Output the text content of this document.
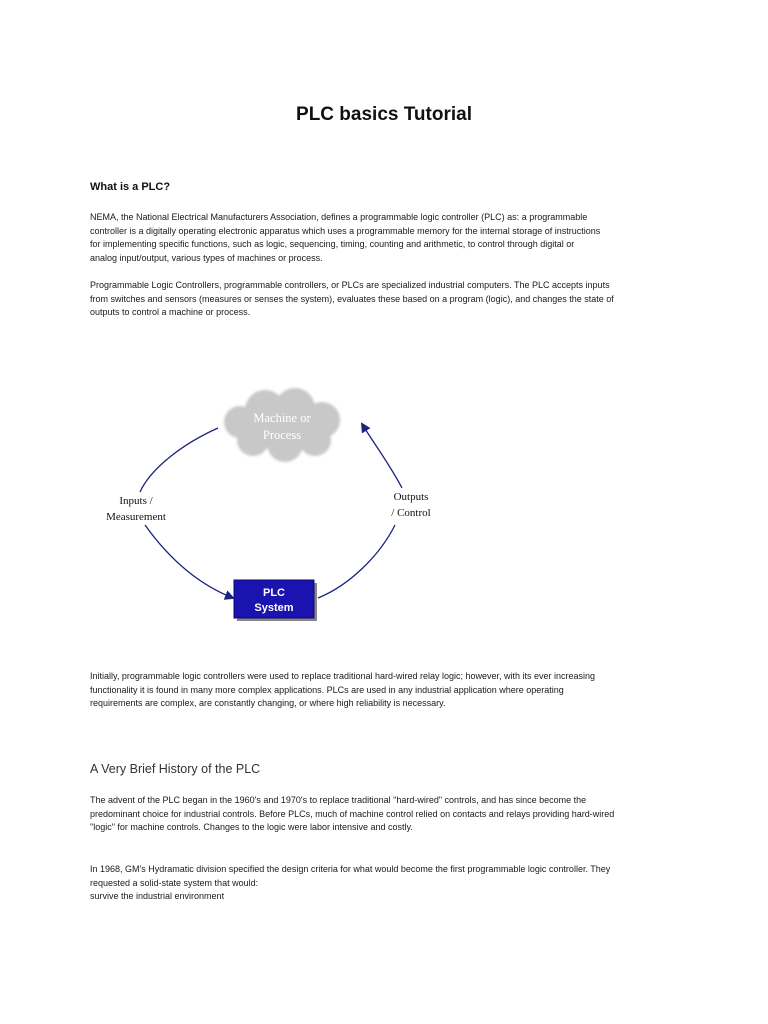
PLC basics Tutorial
What is a PLC?
NEMA, the National Electrical Manufacturers Association, defines a programmable logic controller (PLC) as: a programmable
controller is a digitally operating electronic apparatus which uses a programmable memory for the internal storage of instructions
for implementing specific functions, such as logic, sequencing, timing, counting and arithmetic, to control through digital or
analog input/output, various types of machines or process.
Programmable Logic Controllers, programmable controllers, or PLCs are specialized industrial computers. The PLC accepts inputs
from switches and sensors (measures or senses the system), evaluates these based on a program (logic), and changes the state of
outputs to control a machine or process.
Machine or
Process
Inputs /
Measurement
Outputs
/ Control
PLC
System
Initially, programmable logic controllers were used to replace traditional hard-wired relay logic; however, with its ever increasing
functionality it is found in many more complex applications. PLCs are used in any industrial application where operating
requirements are complex, are constantly changing, or where high reliability is necessary.
A Very Brief History of the PLC
The advent of the PLC began in the 1960's and 1970's to replace traditional "hard-wired" controls, and has since become the
predominant choice for industrial controls. Before PLCs, much of machine control relied on contacts and relays providing hard-wired
"logic" for machine controls. Changes to the logic were labor intensive and costly.
In 1968, GM's Hydramatic division specified the design criteria for what would become the first programmable logic controller. They
requested a solid-state system that would:
survive the industrial environment
